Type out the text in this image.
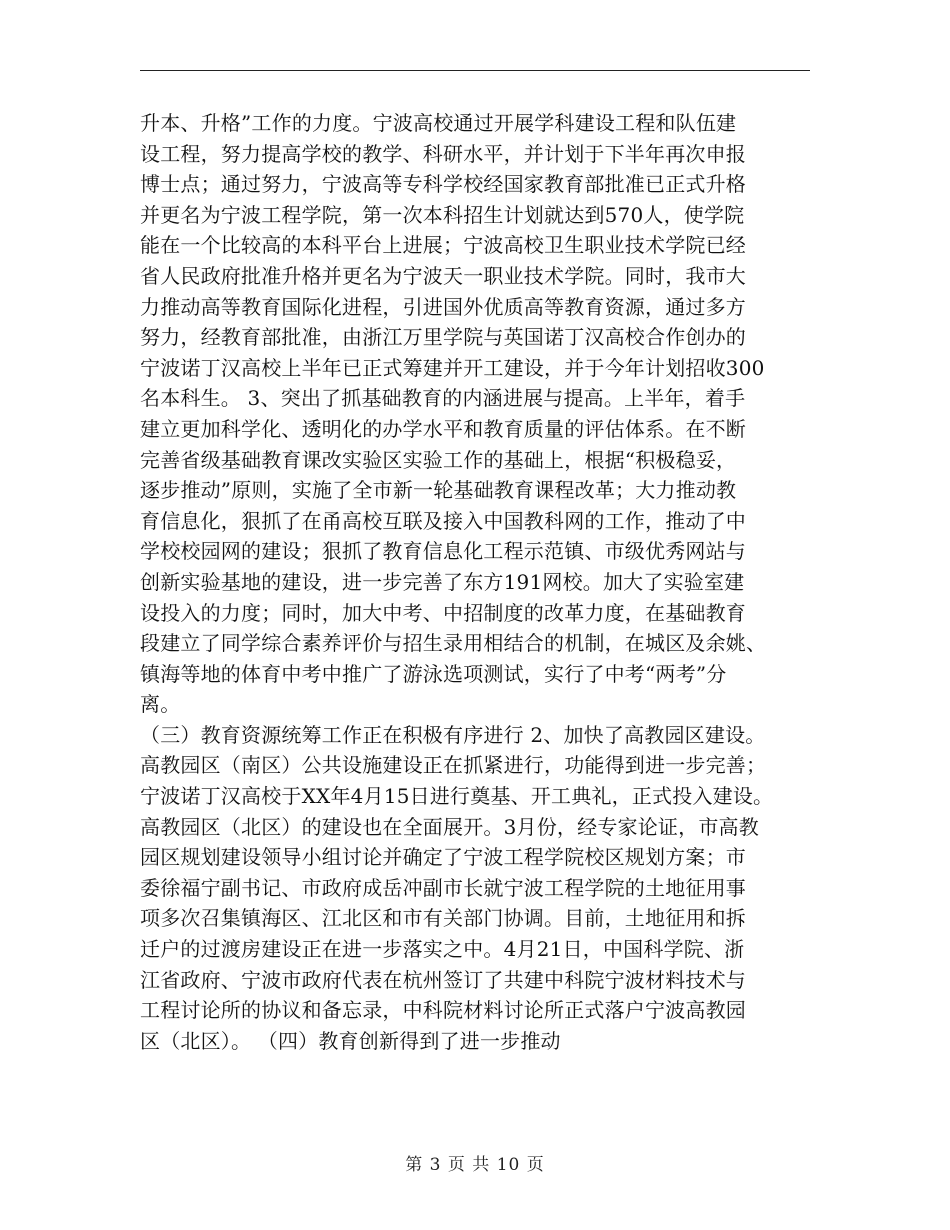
升本、升格”工作的力度。宁波高校通过开展学科建设工程和队伍建
设工程，努力提高学校的教学、科研水平，并计划于下半年再次申报
博士点；通过努力，宁波高等专科学校经国家教育部批准已正式升格
并更名为宁波工程学院，第一次本科招生计划就达到570人，使学院
能在一个比较高的本科平台上进展；宁波高校卫生职业技术学院已经
省人民政府批准升格并更名为宁波天一职业技术学院。同时，我市大
力推动高等教育国际化进程，引进国外优质高等教育资源，通过多方
努力，经教育部批准，由浙江万里学院与英国诺丁汉高校合作创办的
宁波诺丁汉高校上半年已正式筹建并开工建设，并于今年计划招收300
名本科生。 3、突出了抓基础教育的内涵进展与提高。上半年，着手
建立更加科学化、透明化的办学水平和教育质量的评估体系。在不断
完善省级基础教育课改实验区实验工作的基础上，根据“积极稳妥，
逐步推动”原则，实施了全市新一轮基础教育课程改革；大力推动教
育信息化，狠抓了在甬高校互联及接入中国教科网的工作，推动了中
学校校园网的建设；狠抓了教育信息化工程示范镇、市级优秀网站与
创新实验基地的建设，进一步完善了东方191网校。加大了实验室建
设投入的力度；同时，加大中考、中招制度的改革力度，在基础教育
段建立了同学综合素养评价与招生录用相结合的机制，在城区及余姚、
镇海等地的体育中考中推广了游泳选项测试，实行了中考“两考”分
离。
（三）教育资源统筹工作正在积极有序进行 2、加快了高教园区建设。
高教园区（南区）公共设施建设正在抓紧进行，功能得到进一步完善；
宁波诺丁汉高校于XX年4月15日进行奠基、开工典礼，正式投入建设。
高教园区（北区）的建设也在全面展开。3月份，经专家论证，市高教
园区规划建设领导小组讨论并确定了宁波工程学院校区规划方案；市
委徐福宁副书记、市政府成岳冲副市长就宁波工程学院的土地征用事
项多次召集镇海区、江北区和市有关部门协调。目前，土地征用和拆
迁户的过渡房建设正在进一步落实之中。4月21日，中国科学院、浙
江省政府、宁波市政府代表在杭州签订了共建中科院宁波材料技术与
工程讨论所的协议和备忘录，中科院材料讨论所正式落户宁波高教园
区（北区）。 （四）教育创新得到了进一步推动
第 3 页 共 10 页
